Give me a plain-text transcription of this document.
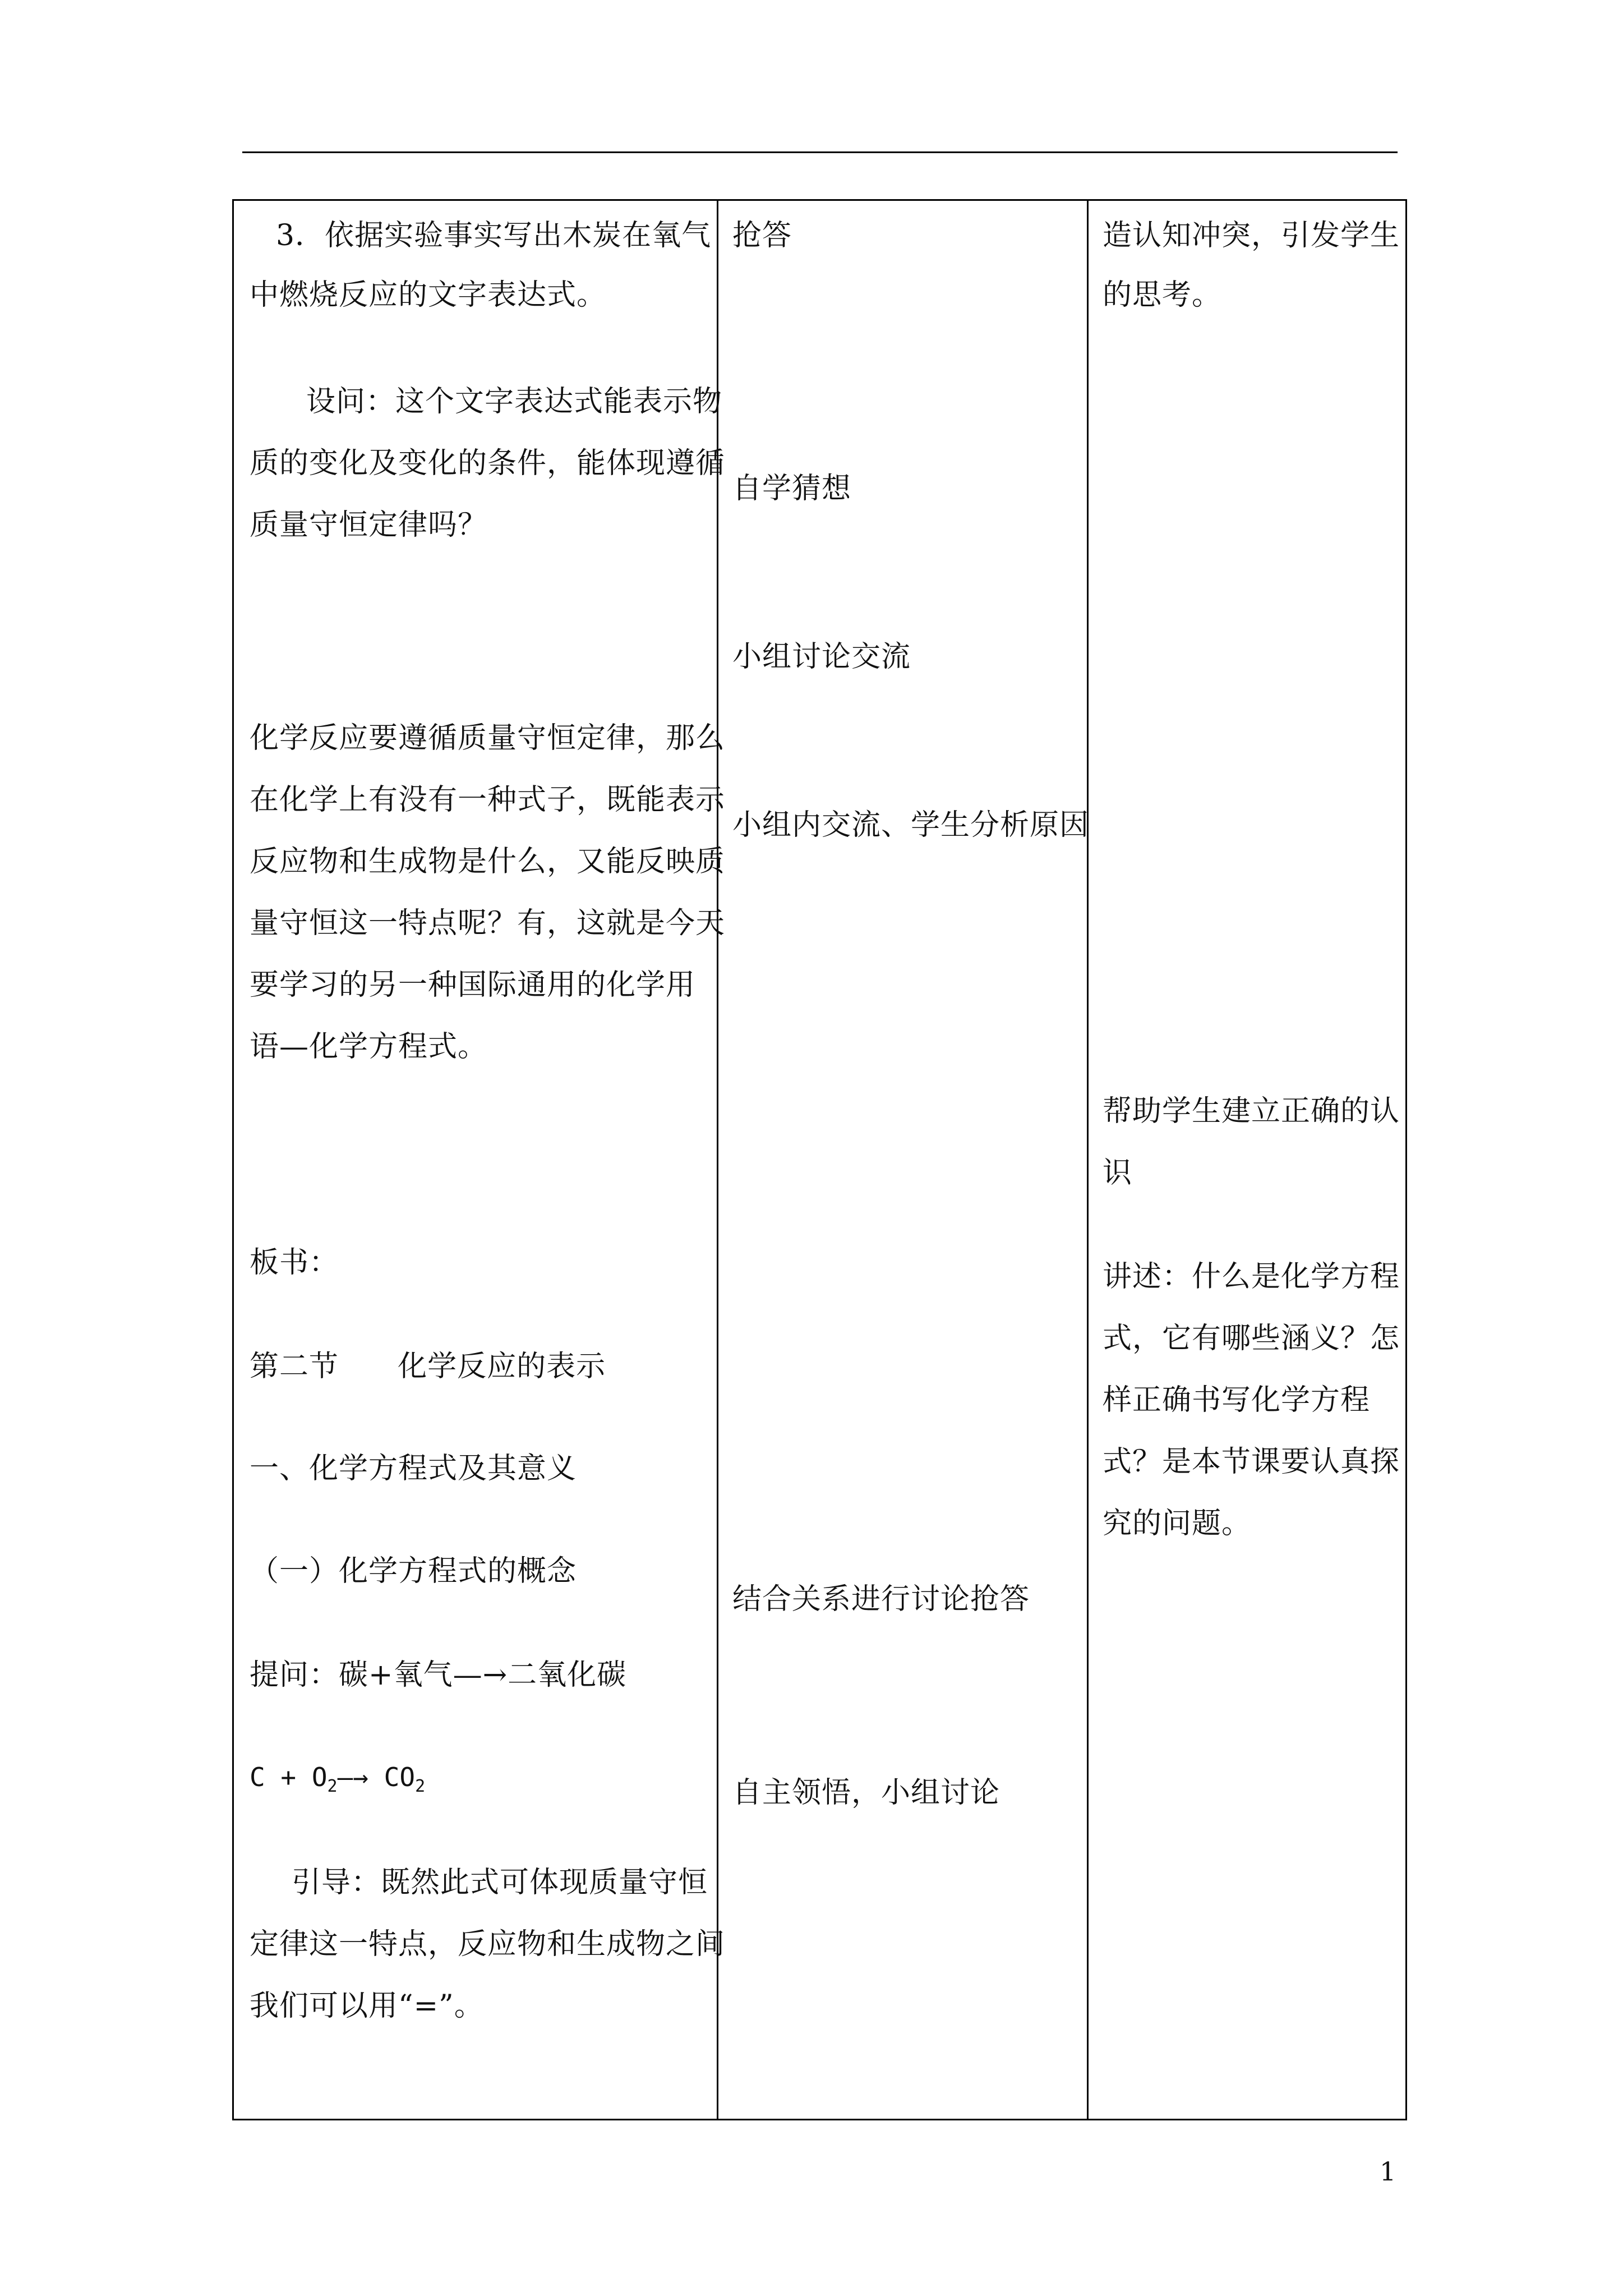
3．依据实验事实写出木炭在氧气
中燃烧反应的文字表达式。
设问：这个文字表达式能表示物
质的变化及变化的条件，能体现遵循
质量守恒定律吗？
化学反应要遵循质量守恒定律，那么
在化学上有没有一种式子，既能表示
反应物和生成物是什么，又能反映质
量守恒这一特点呢？有，这就是今天
要学习的另一种国际通用的化学用
语—化学方程式。
板书：
第二节      化学反应的表示
一、化学方程式及其意义
（一）化学方程式的概念
提问：碳+氧气—→二氧化碳
$C + O_2—\to CO_2$
引导：既然此式可体现质量守恒
定律这一特点，反应物和生成物之间
我们可以用“=”。
抢答
自学猜想
小组讨论交流
小组内交流、学生分析原因
结合关系进行讨论抢答
自主领悟，小组讨论
造认知冲突，引发学生
的思考。
帮助学生建立正确的认
识
讲述：什么是化学方程
式，它有哪些涵义？怎
样正确书写化学方程
式？是本节课要认真探
究的问题。
1
